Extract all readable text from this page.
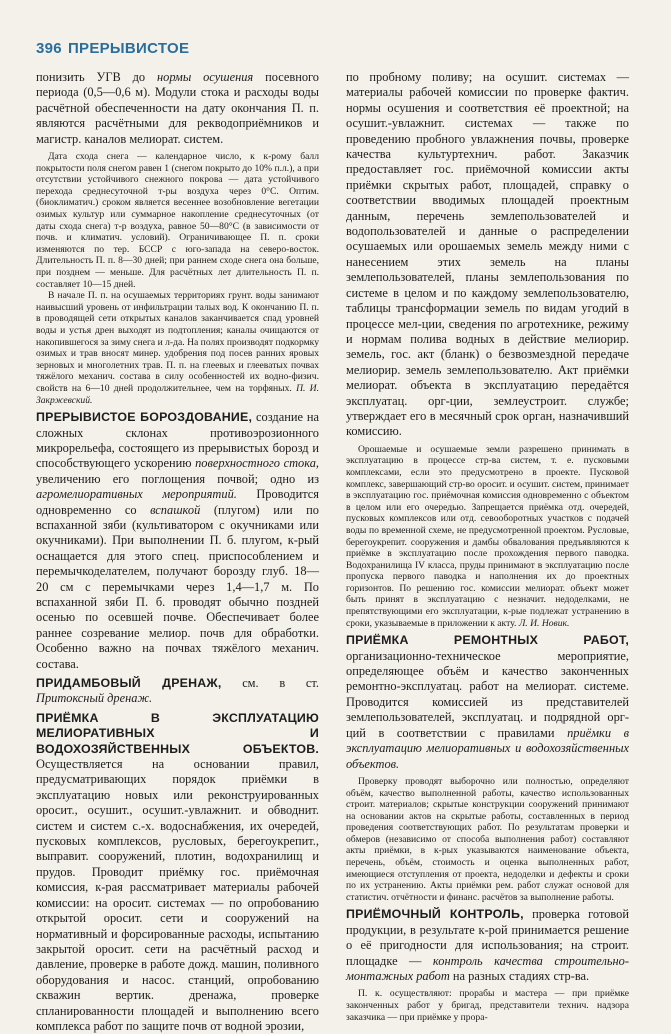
396 ПРЕРЫВИСТОЕ

понизить УГВ до нормы осушения посевного периода (0,5—0,6 м). Модули стока и расходы воды расчётной обеспеченности на дату окончания П. п. являются расчётными для рекводоприёмников и магистр. каналов мелиорат. систем.

Дата схода снега — календарное число, к к-рому балл покрытости поля снегом равен 1 (снегом покрыто до 10% п.л.), а при отсутствии устойчивого снежного покрова — дата устойчивого перехода среднесуточной т-ры воздуха через 0°С. Оптим. (биоклиматич.) сроком является весеннее возобновление вегетации озимых культур или суммарное накопление среднесуточных (от даты схода снега) т-р воздуха, равное 50—80°С (в зависимости от почв. и климатич. условий). Ограничивающее П. п. сроки изменяются по тер. БССР с юго-запада на северо-восток. Длительность П. п. 8—30 дней; при раннем сходе снега она больше, при позднем — меньше. Для расчётных лет длительность П. п. составляет 10—15 дней.

В начале П. п. на осушаемых территориях грунт. воды занимают наивысший уровень от инфильтрации талых вод. К окончанию П. п. в проводящей сети открытых каналов заканчивается спад уровней воды и устья дрен выходят из подтопления; каналы очищаются от накопившегося за зиму снега и л-да. На полях производят подкормку озимых и трав вносят минер. удобрения под посев ранних яровых зерновых и многолетних трав. П. п. на глеевых и глееватых почвах тяжёлого механич. состава в силу особенностей их водно-физич. свойств на 6—10 дней продолжительнее, чем на торфяных. П. И. Закржевский.

ПРЕРЫВИСТОЕ БОРОЗДОВАНИЕ, создание на сложных склонах противоэрозионного микрорельефа, состоящего из прерывистых борозд и способствующего ускорению поверхностного стока, увеличению его поглощения почвой; одно из агромелиоративных мероприятий. Проводится одновременно со вспашкой (плугом) или по вспаханной зяби (культиватором с окучниками или окучниками). При выполнении П. б. плугом, к-рый оснащается для этого спец. приспособлением и перемычкоделателем, получают борозду глуб. 18—20 см с перемычками через 1,4—1,7 м. По вспаханной зяби П. б. проводят обычно поздней осенью по осевшей почве. Обеспечивает более раннее созревание мелиор. почв для обработки. Особенно важно на почвах тяжёлого механич. состава.

ПРИДАМБОВЫЙ ДРЕНАЖ, см. в ст. Притоксный дренаж.

ПРИЁМКА В ЭКСПЛУАТАЦИЮ МЕЛИОРАТИВНЫХ И ВОДОХОЗЯЙСТВЕННЫХ ОБЪЕКТОВ. Осуществляется на основании правил, предусматривающих порядок приёмки в эксплуатацию новых или реконструированных оросит., осушит., осушит.-увлажнит. и обводнит. систем и систем с.-х. водоснабжения, их очередей, пусковых комплексов, русловых, берегоукрепит., выправит. сооружений, плотин, водохранилищ и прудов. Проводит приёмку гос. приёмочная комиссия, к-рая рассматривает материалы рабочей комиссии: на оросит. системах — по опробованию открытой оросит. сети и сооружений на нормативный и форсированные расходы, испытанию закрытой оросит. сети на расчётный расход и давление, проверке в работе дожд. машин, поливного оборудования и насос. станций, опробованию скважин вертик. дренажа, проверке спланированности площадей и выполнению всего комплекса работ по защите почв от водной эрозии,

по пробному поливу; на осушит. системах — материалы рабочей комиссии по проверке фактич. нормы осушения и соответствия её проектной; на осушит.-увлажнит. системах — также по проведению пробного увлажнения почвы, проверке качества культуртехнич. работ. Заказчик предоставляет гос. приёмочной комиссии акты приёмки скрытых работ, площадей, справку о соответствии вводимых площадей проектным данным, перечень землепользователей и водопользователей и данные о распределении осушаемых или орошаемых земель между ними с нанесением этих земель на планы землепользователей, планы землепользования по системе в целом и по каждому землепользователю, таблицы трансформации земель по видам угодий в процессе мел-ции, сведения по агротехнике, режиму и нормам полива водных в действие мелиорир. земель, гос. акт (бланк) о безвозмездной передаче мелиорир. земель землепользователю. Акт приёмки мелиорат. объекта в эксплуатацию передаётся эксплуатац. орг-ции, землеустроит. службе; утверждает его в месячный срок орган, назначивший комиссию.

Орошаемые и осушаемые земли разрешено принимать в эксплуатацию в процессе стр-ва систем, т. е. пусковыми комплексами, если это предусмотрено в проекте. Пусковой комплекс, завершающий стр-во оросит. и осушит. систем, принимает в эксплуатацию гос. приёмочная комиссия одновременно с объектом в целом или его очередью. Запрещается приёмка отд. очередей, пусковых комплексов или отд. севооборотных участков с подачей воды по временной схеме, не предусмотренной проектом. Русловые, берегоукрепит. сооружения и дамбы обвалования предъявляются к приёмке в эксплуатацию после прохождения первого паводка. Водохранилища IV класса, пруды принимают в эксплуатацию после пропуска первого паводка и наполнения их до проектных горизонтов. По решению гос. комиссии мелиорат. объект может быть принят в эксплуатацию с незначит. недоделками, не препятствующими его эксплуатации, к-рые подлежат устранению в сроки, указываемые в приложении к акту. Л. И. Новик.

ПРИЁМКА РЕМОНТНЫХ РАБОТ, организационно-техническое мероприятие, определяющее объём и качество законченных ремонтно-эксплуатац. работ на мелиорат. системе. Проводится комиссией из представителей землепользователей, эксплуатац. и подрядной орг-ций в соответствии с правилами приёмки в эксплуатацию мелиоративных и водохозяйственных объектов.

Проверку проводят выборочно или полностью, определяют объём, качество выполненной работы, качество использованных строит. материалов; скрытые конструкции сооружений принимают на основании актов на скрытые работы, составленных в период проведения соответствующих работ. По результатам проверки и обмеров (независимо от способа выполнения работ) составляют акты приёмки, в к-рых указываются наименование объекта, перечень, объём, стоимость и оценка выполненных работ, имеющиеся отступления от проекта, недоделки и дефекты и сроки по их устранению. Акты приёмки рем. работ служат основой для статистич. отчётности и финанс. расчётов за выполнение работы.

ПРИЁМОЧНЫЙ КОНТРОЛЬ, проверка готовой продукции, в результате к-рой принимается решение о её пригодности для использования; на строит. площадке — контроль качества строительно-монтажных работ на разных стадиях стр-ва.

П. к. осуществляют: прорабы и мастера — при приёмке законченных работ у бригад, представители технич. надзора заказчика — при приёмке у прора-
